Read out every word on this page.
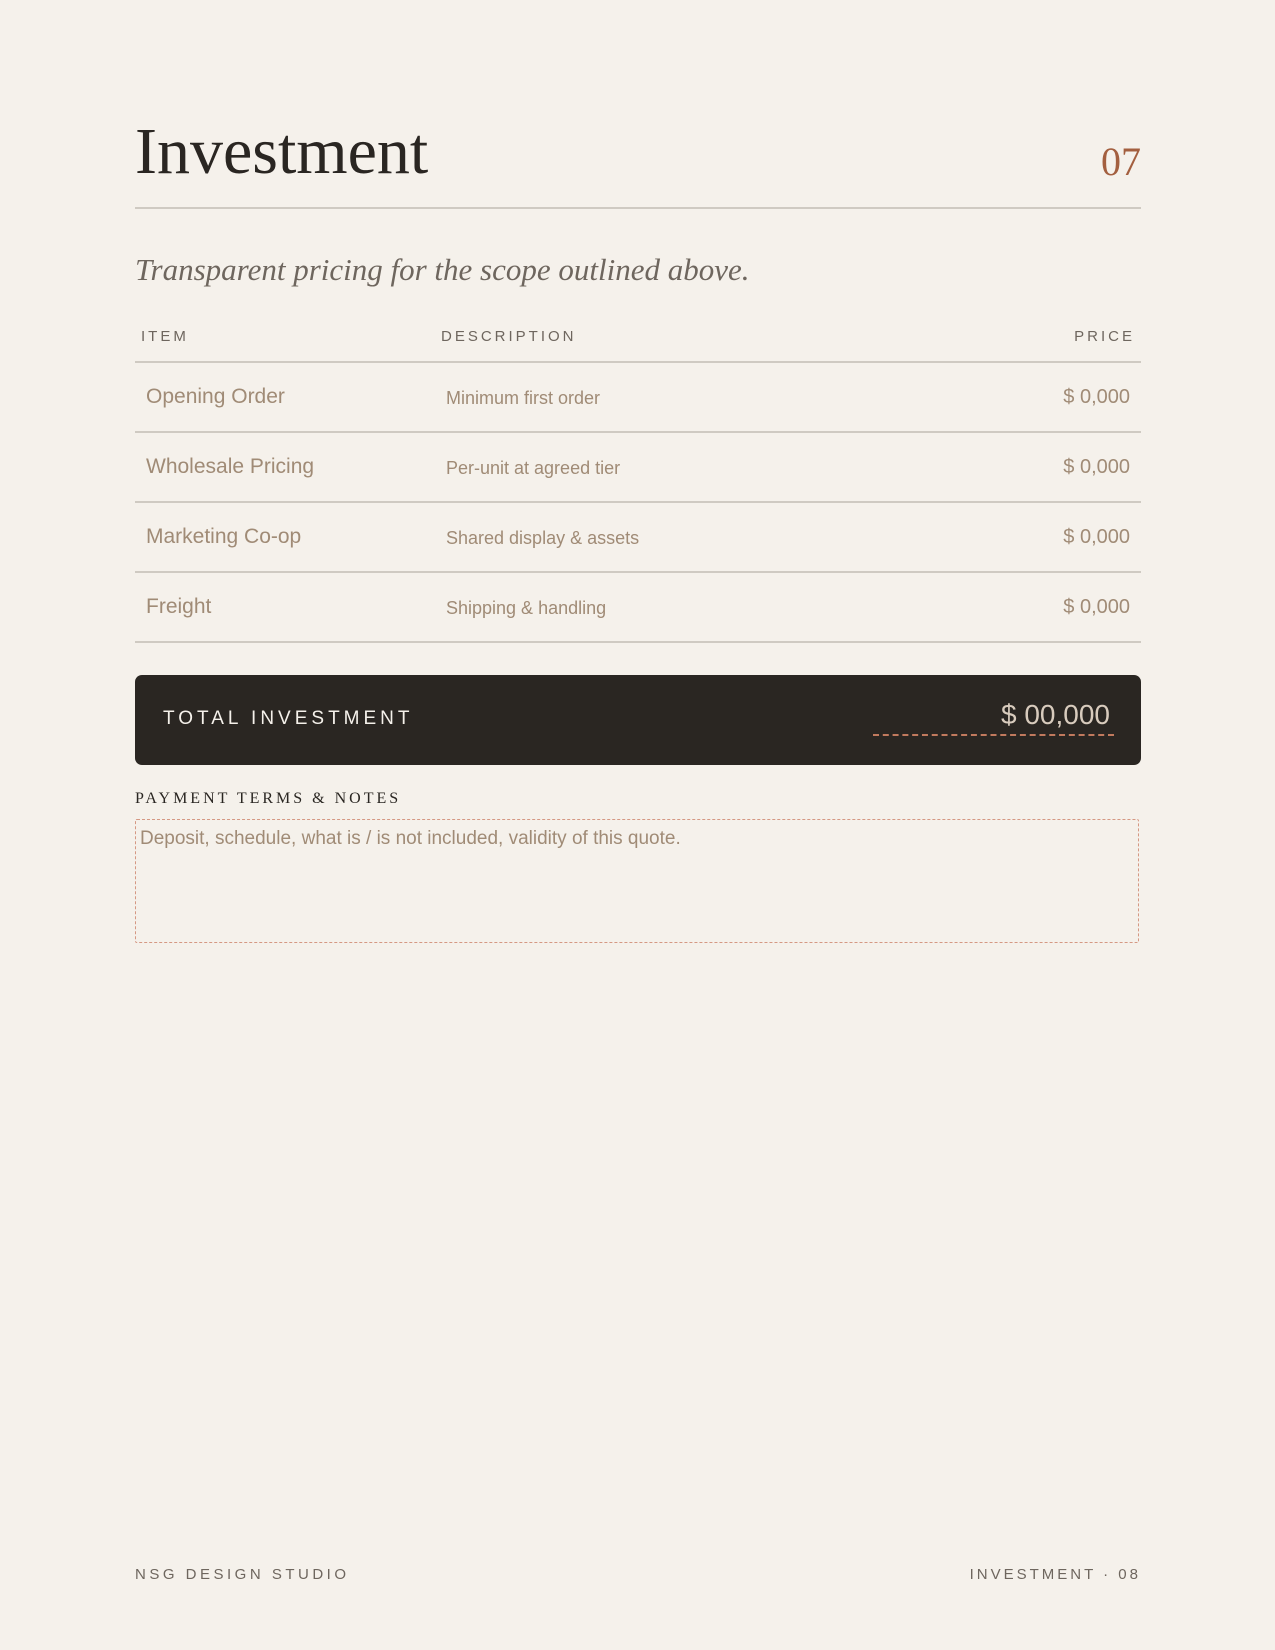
Investment	07
Transparent pricing for the scope outlined above.
ITEM	DESCRIPTION	PRICE
Opening Order	Minimum first order	$ 0,000
Wholesale Pricing	Per-unit at agreed tier	$ 0,000
Marketing Co-op	Shared display & assets	$ 0,000
Freight	Shipping & handling	$ 0,000
TOTAL INVESTMENT	$ 00,000
PAYMENT TERMS & NOTES
Deposit, schedule, what is / is not included, validity of this quote.
NSG DESIGN STUDIO	INVESTMENT · 08
